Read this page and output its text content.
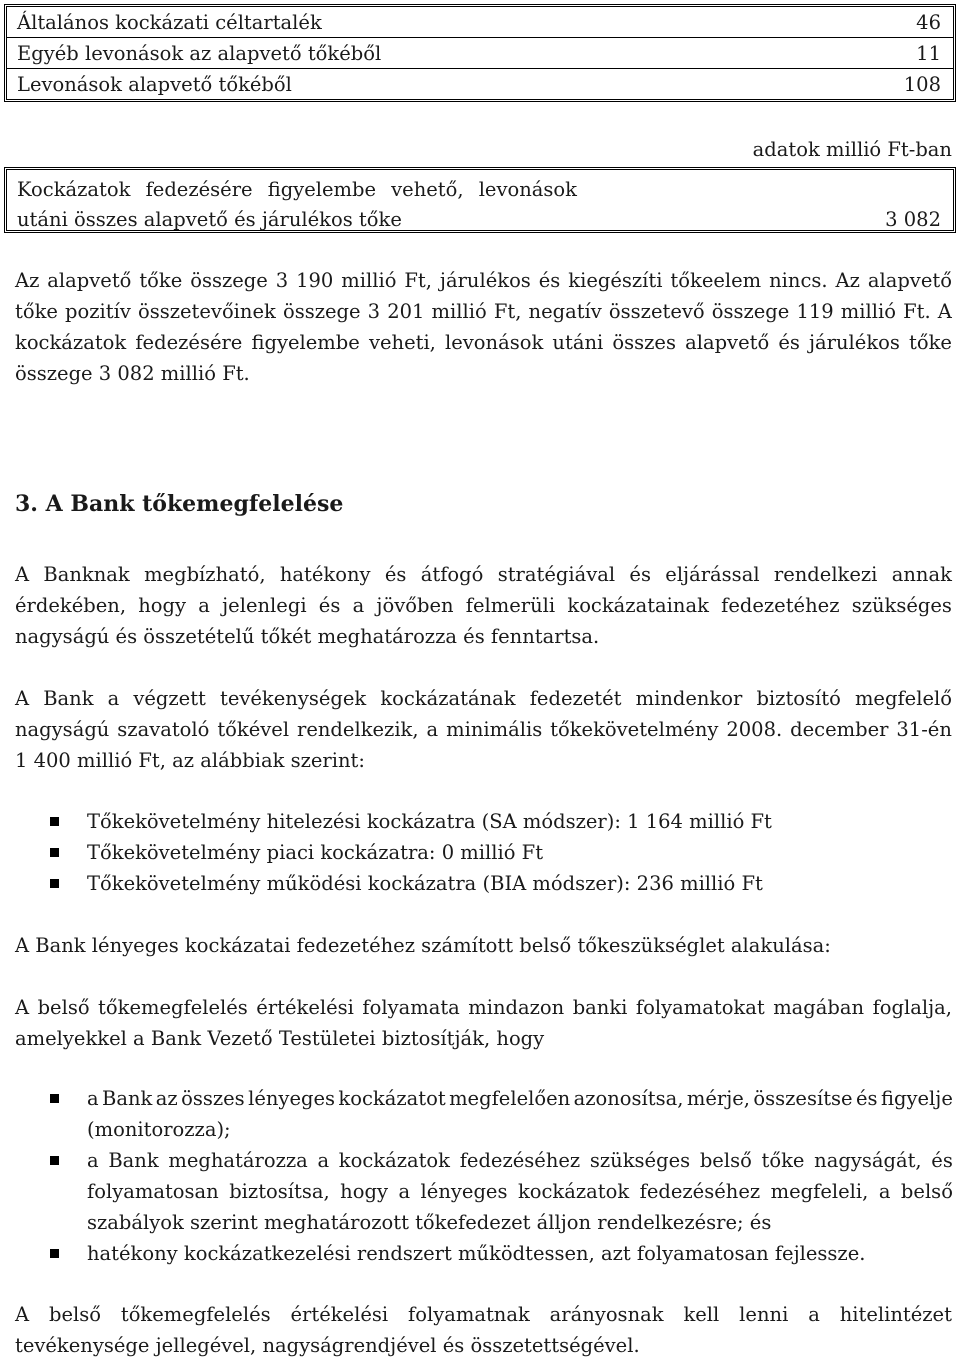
Általános kockázati céltartalék	46
Egyéb levonások az alapvető tőkéből	11
Levonások alapvető tőkéből	108
adatok millió Ft-ban
Kockázatok fedezésére figyelembe vehető, levonások
utáni összes alapvető és járulékos tőke	3 082
Az alapvető tőke összege 3 190 millió Ft, járulékos és kiegészíti tőkeelem nincs. Az alapvető
tőke pozitív összetevőinek összege 3 201 millió Ft, negatív összetevő összege 119 millió Ft. A
kockázatok fedezésére figyelembe veheti, levonások utáni összes alapvető és járulékos tőke
összege 3 082 millió Ft.
3. A Bank tőkemegfelelése
A Banknak megbízható, hatékony és átfogó stratégiával és eljárással rendelkezi annak
érdekében, hogy a jelenlegi és a jövőben felmerüli kockázatainak fedezetéhez szükséges
nagyságú és összetételű tőkét meghatározza és fenntartsa.
A Bank a végzett tevékenységek kockázatának fedezetét mindenkor biztosító megfelelő
nagyságú szavatoló tőkével rendelkezik, a minimális tőkekövetelmény 2008. december 31-én
1 400 millió Ft, az alábbiak szerint:
Tőkekövetelmény hitelezési kockázatra (SA módszer): 1 164 millió Ft
Tőkekövetelmény piaci kockázatra: 0 millió Ft
Tőkekövetelmény működési kockázatra (BIA módszer): 236 millió Ft
A Bank lényeges kockázatai fedezetéhez számított belső tőkeszükséglet alakulása:
A belső tőkemegfelelés értékelési folyamata mindazon banki folyamatokat magában foglalja,
amelyekkel a Bank Vezető Testületei biztosítják, hogy
a Bank az összes lényeges kockázatot megfelelően azonosítsa, mérje, összesítse és figyelje
(monitorozza);
a Bank meghatározza a kockázatok fedezéséhez szükséges belső tőke nagyságát, és
folyamatosan biztosítsa, hogy a lényeges kockázatok fedezéséhez megfeleli, a belső
szabályok szerint meghatározott tőkefedezet álljon rendelkezésre; és
hatékony kockázatkezelési rendszert működtessen, azt folyamatosan fejlessze.
A belső tőkemegfelelés értékelési folyamatnak arányosnak kell lenni a hitelintézet
tevékenysége jellegével, nagyságrendjével és összetettségével.
